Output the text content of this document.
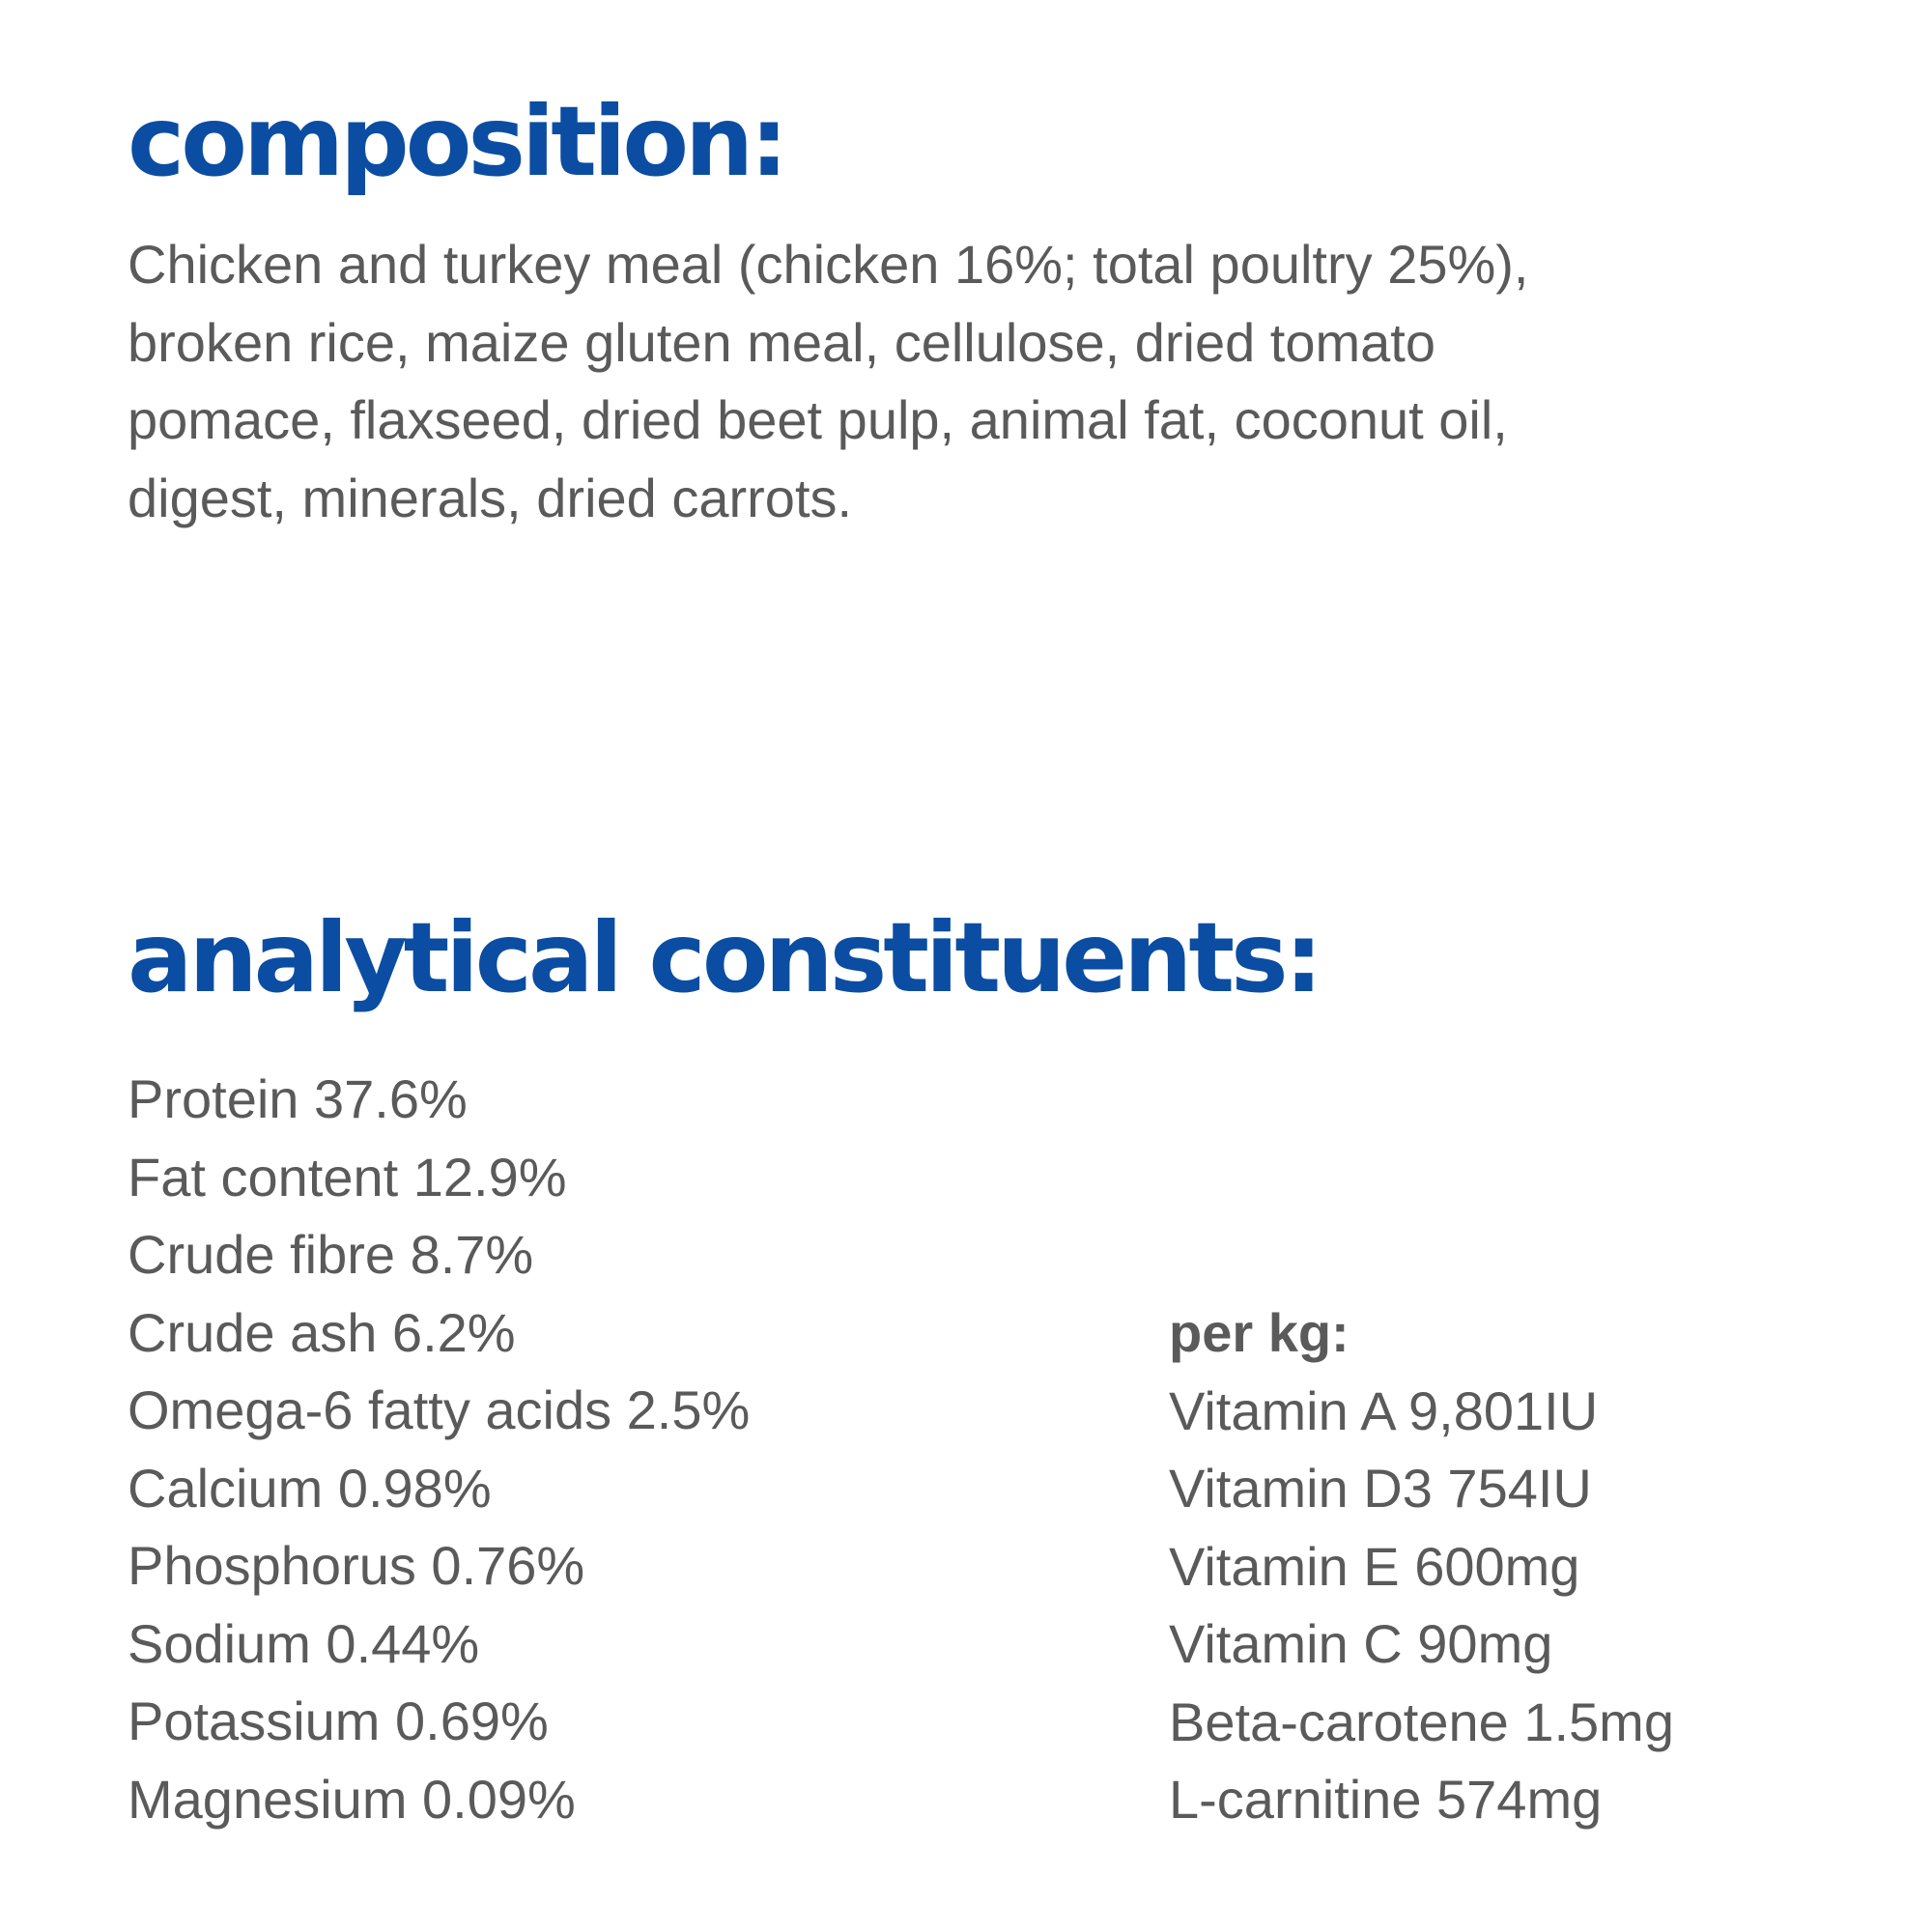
composition:

Chicken and turkey meal (chicken 16%; total poultry 25%),
broken rice, maize gluten meal, cellulose, dried tomato
pomace, flaxseed, dried beet pulp, animal fat, coconut oil,
digest, minerals, dried carrots.

analytical constituents:
Protein 37.6%
Fat content 12.9%
Crude fibre 8.7%
Crude ash 6.2%
Omega-6 fatty acids 2.5%
Calcium 0.98%
Phosphorus 0.76%
Sodium 0.44%
Potassium 0.69%
Magnesium 0.09%
per kg:
Vitamin A 9,801IU
Vitamin D3 754IU
Vitamin E 600mg
Vitamin C 90mg
Beta-carotene 1.5mg
L-carnitine 574mg
